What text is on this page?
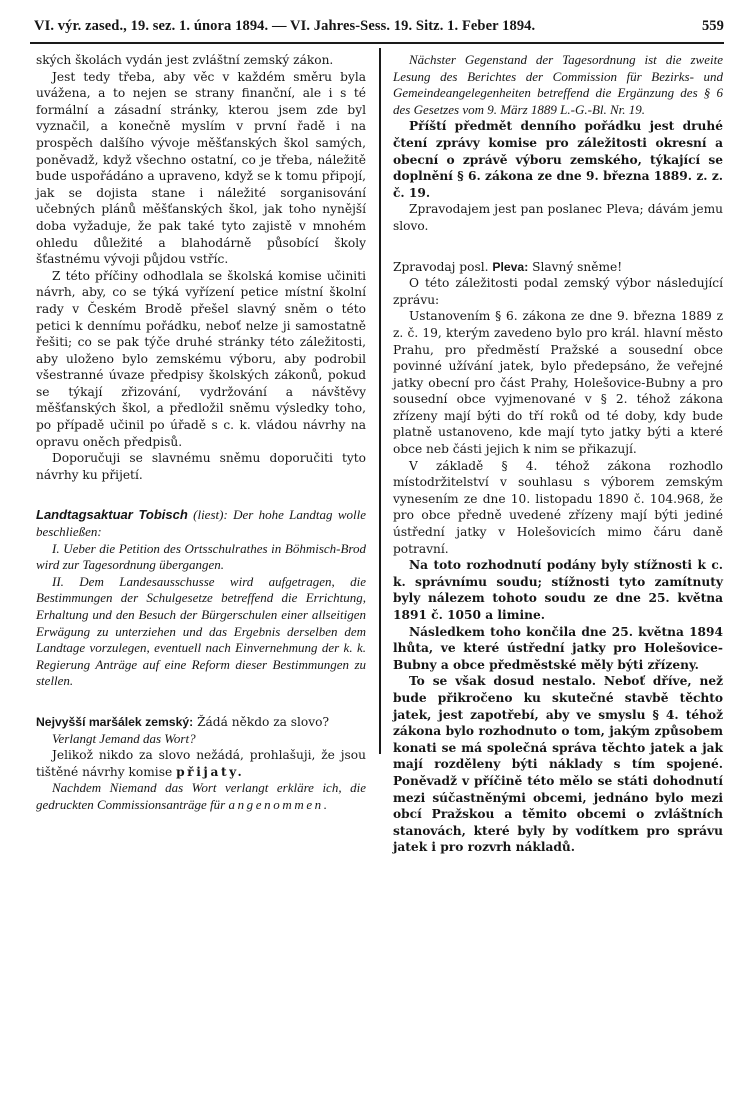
VI. výr. zased., 19. sez. 1. února 1894. — VI. Jahres-Sess. 19. Sitz. 1. Feber 1894.	559

ských školách vydán jest zvláštní zemský zákon.

Jest tedy třeba, aby věc v každém směru byla uvážena, a to nejen se strany finanční, ale i s té formální a zásadní stránky, kterou jsem zde byl vyznačil, a konečně myslím v první řadě i na prospěch dalšího vývoje měšťanských škol samých, poněvadž, když všechno ostatní, co je třeba, náležitě bude uspořádáno a upraveno, když se k tomu připojí, jak se dojista stane i náležité sorganisování učebných plánů měšťanských škol, jak toho nynější doba vyžaduje, že pak také tyto zajistě v mnohém ohledu důležité a blahodárně působící školy šťastnému vývoji půjdou vstříc.

Z této příčiny odhodlala se školská komise učiniti návrh, aby, co se týká vyřízení petice místní školní rady v Českém Brodě přešel slavný sněm o této petici k dennímu pořádku, neboť nelze ji samostatně řešiti; co se pak týče druhé stránky této záležitosti, aby uloženo bylo zemskému výboru, aby podrobil všestranné úvaze předpisy školských zákonů, pokud se týkají zřizování, vydržování a návštěvy měšťanských škol, a předložil sněmu výsledky toho, po případě učinil po úřadě s c. k. vládou návrhy na opravu oněch předpisů.

Doporučuji se slavnému sněmu doporučiti tyto návrhy ku přijetí.

Landtagsaktuar Tobisch (liest): Der hohe Landtag wolle beschließen:

I. Ueber die Petition des Ortsschulrathes in Böhmisch-Brod wird zur Tagesordnung übergangen.

II. Dem Landesausschusse wird aufgetragen, die Bestimmungen der Schulgesetze betreffend die Errichtung, Erhaltung und den Besuch der Bürgerschulen einer allseitigen Erwägung zu unterziehen und das Ergebnis derselben dem Landtage vorzulegen, eventuell nach Einvernehmung der k. k. Regierung Anträge auf eine Reform dieser Bestimmungen zu stellen.

Nejvyšší maršálek zemský: Žádá někdo za slovo?

Verlangt Jemand das Wort?

Jelikož nikdo za slovo nežádá, prohlašuji, že jsou tištěné návrhy komise přijaty.

Nachdem Niemand das Wort verlangt erkläre ich, die gedruckten Commissionsanträge für angenommen.

Nächster Gegenstand der Tagesordnung ist die zweite Lesung des Berichtes der Commission für Bezirks- und Gemeindeangelegenheiten betreffend die Ergänzung des § 6 des Gesetzes vom 9. März 1889 L.-G.-Bl. Nr. 19.

Příští předmět denního pořádku jest druhé čtení zprávy komise pro záležitosti okresní a obecní o zprávě výboru zemského, týkající se doplnění § 6. zákona ze dne 9. března 1889. z. z. č. 19.

Zpravodajem jest pan poslanec Pleva; dávám jemu slovo.

Zpravodaj posl. Pleva: Slavný sněme!

O této záležitosti podal zemský výbor následující zprávu:

Ustanovením § 6. zákona ze dne 9. března 1889 z z. č. 19, kterým zavedeno bylo pro král. hlavní město Prahu, pro předměstí Pražské a sousední obce povinné užívání jatek, bylo předepsáno, že veřejné jatky obecní pro část Prahy, Holešovice-Bubny a pro sousední obce vyjmenované v § 2. téhož zákona zřízeny mají býti do tří roků od té doby, kdy bude platně ustanoveno, kde mají tyto jatky býti a které obce neb části jejich k nim se přikazují.

V základě § 4. téhož zákona rozhodlo místodržitelství v souhlasu s výborem zemským vynesením ze dne 10. listopadu 1890 č. 104.968, že pro obce předně uvedené zřízeny mají býti jediné ústřední jatky v Holešovicích mimo čáru daně potravní.

Na toto rozhodnutí podány byly stížnosti k c. k. správnímu soudu; stížnosti tyto zamítnuty byly nálezem tohoto soudu ze dne 25. května 1891 č. 1050 a limine.

Následkem toho končila dne 25. května 1894 lhůta, ve které ústřední jatky pro Holešovice-Bubny a obce předměstské měly býti zřízeny.

To se však dosud nestalo. Neboť dříve, než bude přikročeno ku skutečné stavbě těchto jatek, jest zapotřebí, aby ve smyslu § 4. téhož zákona bylo rozhodnuto o tom, jakým způsobem konati se má společná správa těchto jatek a jak mají rozděleny býti náklady s tím spojené. Poněvadž v příčině této mělo se státi dohodnutí mezi súčastněnými obcemi, jednáno bylo mezi obcí Pražskou a těmito obcemi o zvláštních stanovách, které byly by vodítkem pro správu jatek i pro rozvrh nákladů.
